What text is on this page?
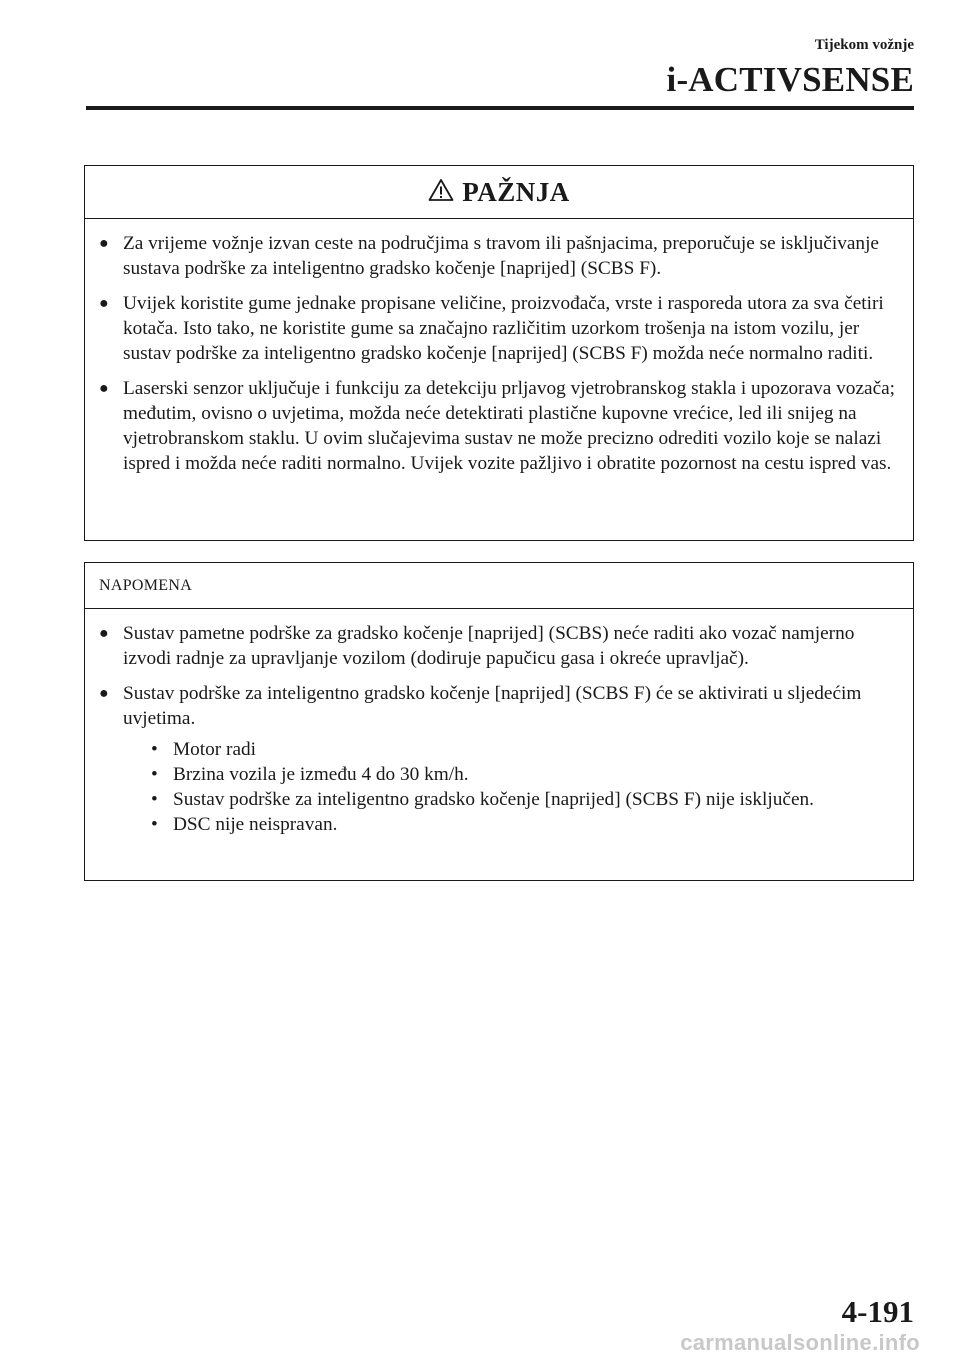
Tijekom vožnje
i-ACTIVSENSE
PAŽNJA
● Za vrijeme vožnje izvan ceste na područjima s travom ili pašnjacima, preporučuje se isključivanje sustava podrške za inteligentno gradsko kočenje [naprijed] (SCBS F).
● Uvijek koristite gume jednake propisane veličine, proizvođača, vrste i rasporeda utora za sva četiri kotača. Isto tako, ne koristite gume sa značajno različitim uzorkom trošenja na istom vozilu, jer sustav podrške za inteligentno gradsko kočenje [naprijed] (SCBS F) možda neće normalno raditi.
● Laserski senzor uključuje i funkciju za detekciju prljavog vjetrobranskog stakla i upozorava vozača; međutim, ovisno o uvjetima, možda neće detektirati plastične kupovne vrećice, led ili snijeg na vjetrobranskom staklu. U ovim slučajevima sustav ne može precizno odrediti vozilo koje se nalazi ispred i možda neće raditi normalno. Uvijek vozite pažljivo i obratite pozornost na cestu ispred vas.
NAPOMENA
● Sustav pametne podrške za gradsko kočenje [naprijed] (SCBS) neće raditi ako vozač namjerno izvodi radnje za upravljanje vozilom (dodiruje papučicu gasa i okreće upravljač).
● Sustav podrške za inteligentno gradsko kočenje [naprijed] (SCBS F) će se aktivirati u sljedećim uvjetima.
• Motor radi
• Brzina vozila je između 4 do 30 km/h.
• Sustav podrške za inteligentno gradsko kočenje [naprijed] (SCBS F) nije isključen.
• DSC nije neispravan.
4-191
carmanualsonline.info
